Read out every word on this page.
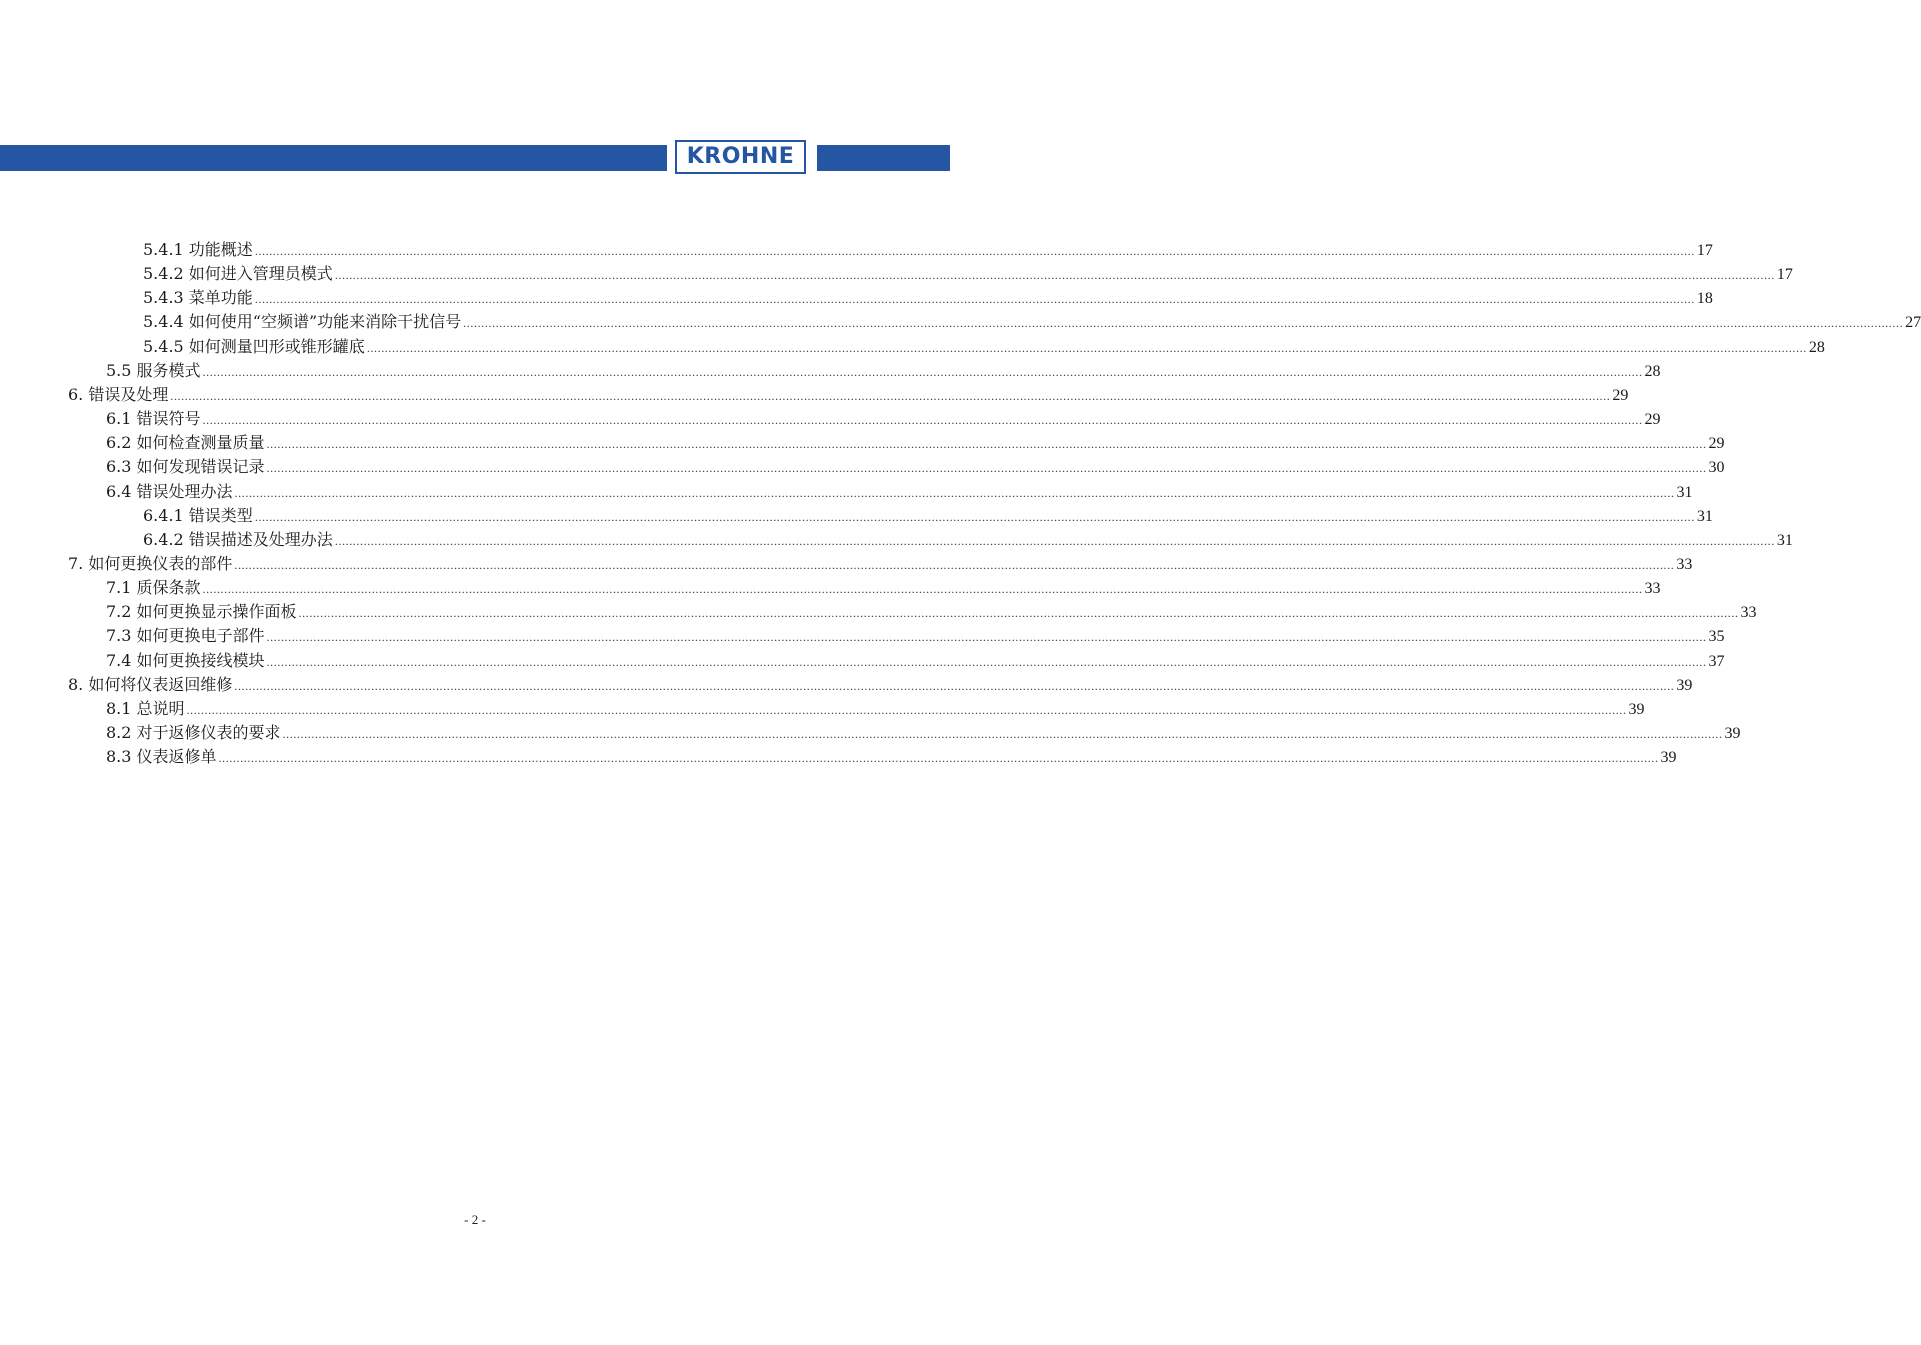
KROHNE
5.4.1 功能概述 ................................................................................................................................................................................................................................................................................................................................................................................................................ 17
5.4.2 如何进入管理员模式 ................................................................................................................................................................................................................................................................................................................................................................................................................ 17
5.4.3 菜单功能 ................................................................................................................................................................................................................................................................................................................................................................................................................ 18
5.4.4 如何使用“空频谱”功能来消除干扰信号 ................................................................................................................................................................................................................................................................................................................................................................................................................ 27
5.4.5 如何测量凹形或锥形罐底 ................................................................................................................................................................................................................................................................................................................................................................................................................ 28
5.5 服务模式 ................................................................................................................................................................................................................................................................................................................................................................................................................ 28
6. 错误及处理 ................................................................................................................................................................................................................................................................................................................................................................................................................ 29
6.1 错误符号 ................................................................................................................................................................................................................................................................................................................................................................................................................ 29
6.2 如何检查测量质量 ................................................................................................................................................................................................................................................................................................................................................................................................................ 29
6.3 如何发现错误记录 ................................................................................................................................................................................................................................................................................................................................................................................................................ 30
6.4 错误处理办法 ................................................................................................................................................................................................................................................................................................................................................................................................................ 31
6.4.1 错误类型 ................................................................................................................................................................................................................................................................................................................................................................................................................ 31
6.4.2 错误描述及处理办法 ................................................................................................................................................................................................................................................................................................................................................................................................................ 31
7. 如何更换仪表的部件 ................................................................................................................................................................................................................................................................................................................................................................................................................ 33
7.1 质保条款 ................................................................................................................................................................................................................................................................................................................................................................................................................ 33
7.2 如何更换显示操作面板 ................................................................................................................................................................................................................................................................................................................................................................................................................ 33
7.3 如何更换电子部件 ................................................................................................................................................................................................................................................................................................................................................................................................................ 35
7.4 如何更换接线模块 ................................................................................................................................................................................................................................................................................................................................................................................................................ 37
8. 如何将仪表返回维修 ................................................................................................................................................................................................................................................................................................................................................................................................................ 39
8.1 总说明 ................................................................................................................................................................................................................................................................................................................................................................................................................ 39
8.2 对于返修仪表的要求 ................................................................................................................................................................................................................................................................................................................................................................................................................ 39
8.3 仪表返修单 ................................................................................................................................................................................................................................................................................................................................................................................................................ 39
- 2 -
